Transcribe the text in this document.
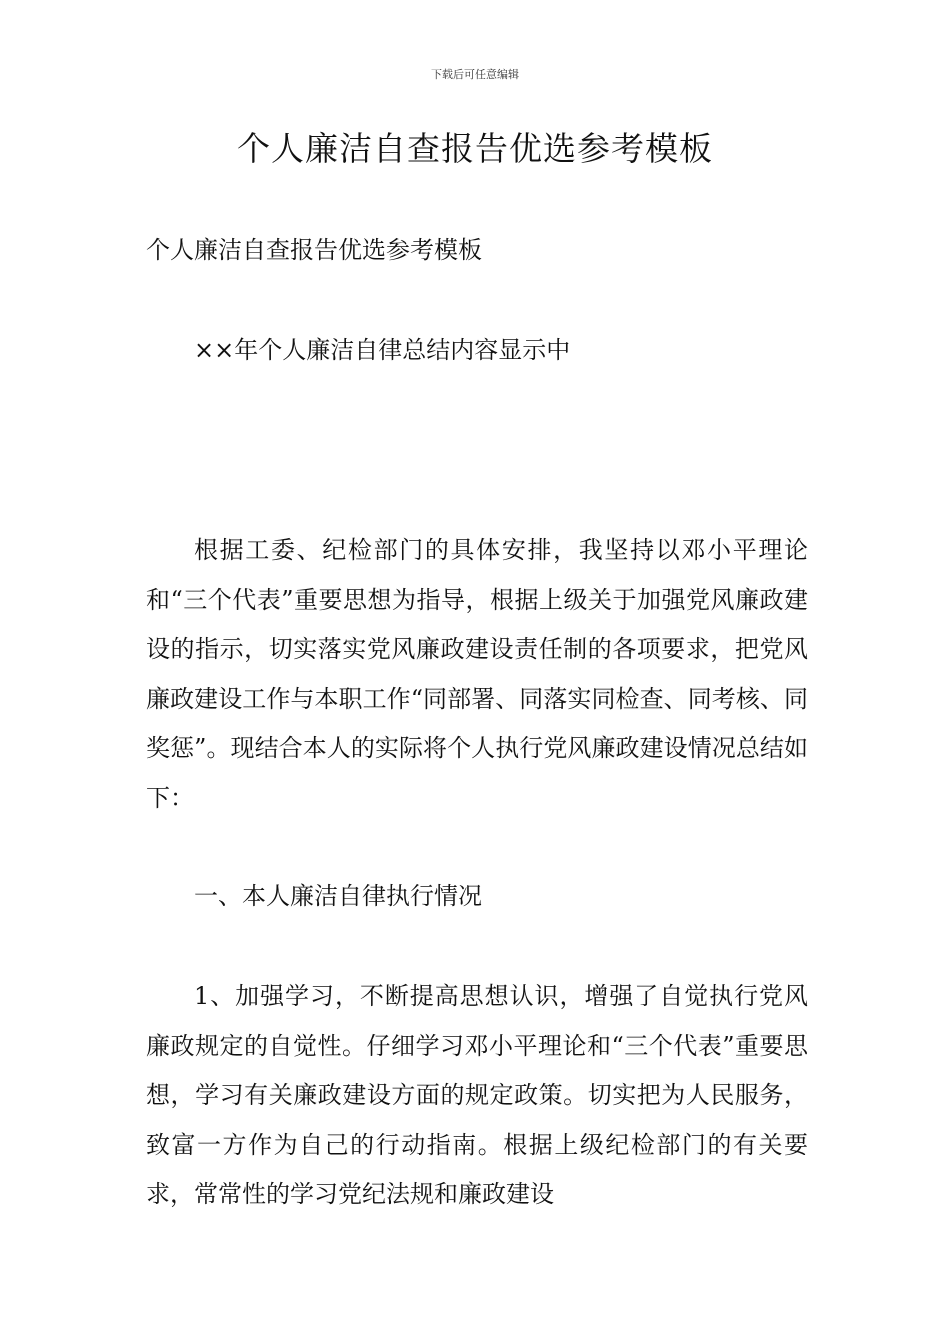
下载后可任意编辑
个人廉洁自查报告优选参考模板

个人廉洁自查报告优选参考模板

××年个人廉洁自律总结内容显示中

根据工委、纪检部门的具体安排，我坚持以邓小平理论和“三个代表”重要思想为指导，根据上级关于加强党风廉政建设的指示，切实落实党风廉政建设责任制的各项要求，把党风廉政建设工作与本职工作“同部署、同落实同检查、同考核、同奖惩”。现结合本人的实际将个人执行党风廉政建设情况总结如下：

一、本人廉洁自律执行情况

1、加强学习，不断提高思想认识，增强了自觉执行党风廉政规定的自觉性。仔细学习邓小平理论和“三个代表”重要思想，学习有关廉政建设方面的规定政策。切实把为人民服务，致富一方作为自己的行动指南。根据上级纪检部门的有关要求，常常性的学习党纪法规和廉政建设
